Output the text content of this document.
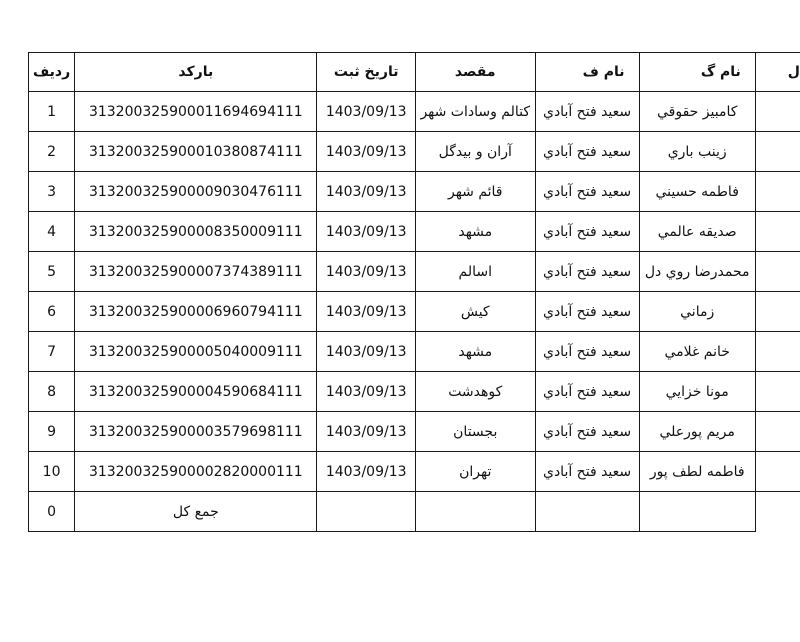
ردیف	بارکد	تاریخ ثبت	مقصد	نام ف	نام گ	ل

1	313200325900011694694111	1403/09/13	کتالم وسادات شهر	سعيد فتح آبادي	کامبيز حقوقي	
2	313200325900010380874111	1403/09/13	آران و بيدگل	سعيد فتح آبادي	زينب باري	
3	313200325900009030476111	1403/09/13	قائم شهر	سعيد فتح آبادي	فاطمه حسيني	
4	313200325900008350009111	1403/09/13	مشهد	سعيد فتح آبادي	صديقه عالمي	
5	313200325900007374389111	1403/09/13	اسالم	سعيد فتح آبادي	محمدرضا روي دل	
6	313200325900006960794111	1403/09/13	کيش	سعيد فتح آبادي	زماني	
7	313200325900005040009111	1403/09/13	مشهد	سعيد فتح آبادي	خانم غلامي	
8	313200325900004590684111	1403/09/13	کوهدشت	سعيد فتح آبادي	مونا خزايي	
9	313200325900003579698111	1403/09/13	بجستان	سعيد فتح آبادي	مريم پورعلي	
10	313200325900002820000111	1403/09/13	تهران	سعيد فتح آبادي	فاطمه لطف پور	
0	جمع کل					
